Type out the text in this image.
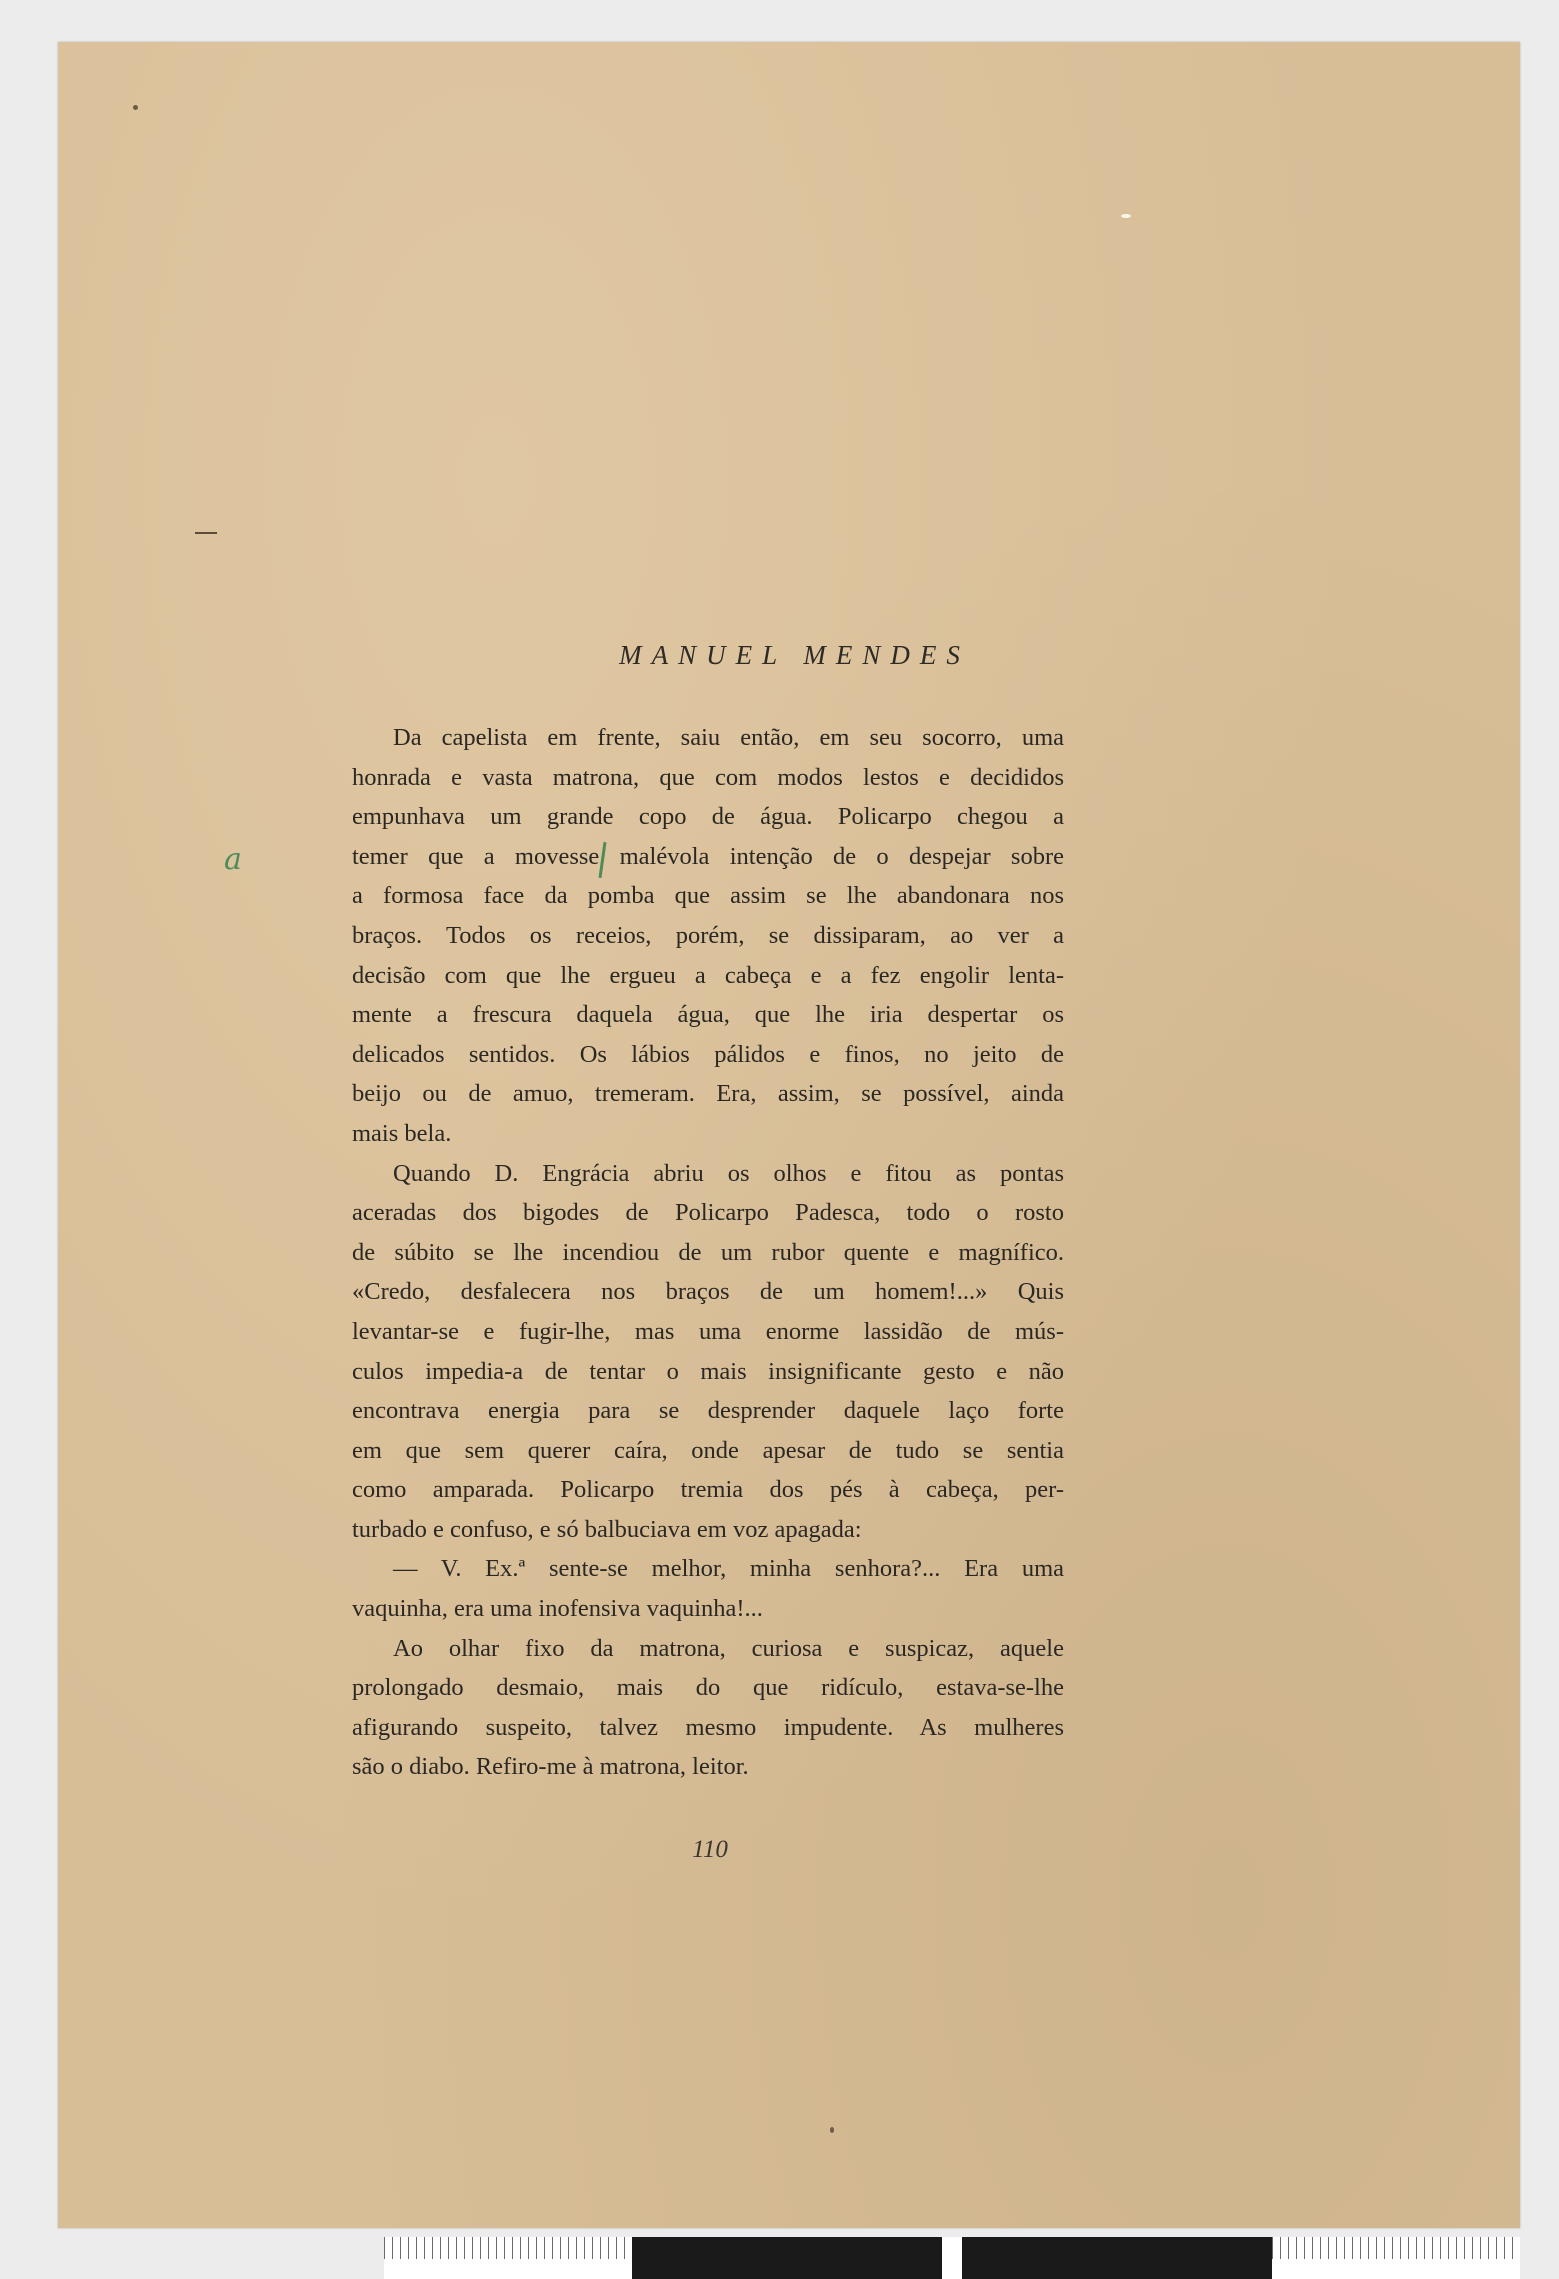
MANUEL MENDES
a

Da capelista em frente, saiu então, em seu socorro, uma
honrada e vasta matrona, que com modos lestos e decididos
empunhava um grande copo de água. Policarpo chegou a
temer que a movesse malévola intenção de o despejar sobre
a formosa face da pomba que assim se lhe abandonara nos
braços. Todos os receios, porém, se dissiparam, ao ver a
decisão com que lhe ergueu a cabeça e a fez engolir lenta-
mente a frescura daquela água, que lhe iria despertar os
delicados sentidos. Os lábios pálidos e finos, no jeito de
beijo ou de amuo, tremeram. Era, assim, se possível, ainda
mais bela.

Quando D. Engrácia abriu os olhos e fitou as pontas
aceradas dos bigodes de Policarpo Padesca, todo o rosto
de súbito se lhe incendiou de um rubor quente e magnífico.
«Credo, desfalecera nos braços de um homem!...» Quis
levantar-se e fugir-lhe, mas uma enorme lassidão de mús-
culos impedia-a de tentar o mais insignificante gesto e não
encontrava energia para se desprender daquele laço forte
em que sem querer caíra, onde apesar de tudo se sentia
como amparada. Policarpo tremia dos pés à cabeça, per-
turbado e confuso, e só balbuciava em voz apagada:

— V. Ex.ª sente-se melhor, minha senhora?... Era uma
vaquinha, era uma inofensiva vaquinha!...

Ao olhar fixo da matrona, curiosa e suspicaz, aquele
prolongado desmaio, mais do que ridículo, estava-se-lhe
afigurando suspeito, talvez mesmo impudente. As mulheres
são o diabo. Refiro-me à matrona, leitor.

110
